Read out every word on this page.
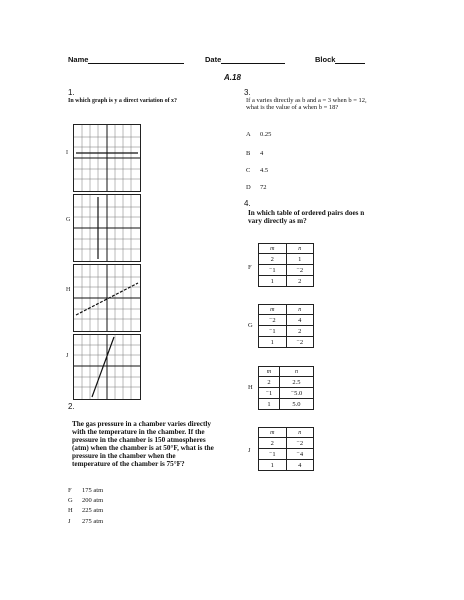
Name	Date	Block
A.18
1.
In which graph is y a direct variation of x?
I
G
H
J
2.
The gas pressure in a chamber varies directly with the temperature in the chamber. If the pressure in the chamber is 150 atmospheres (atm) when the chamber is at 50°F, what is the pressure in the chamber when the temperature of the chamber is 75°F?
F 175 atm
G 200 atm
H 225 atm
J 275 atm
3.
If a varies directly as b and a = 3 when b = 12, what is the value of a when b = 18?
A 0.25
B 4
C 4.5
D 72
4.
In which table of ordered pairs does n vary directly as m?
F
m	n
2	1
⁻1	⁻2
1	2
G
m	n
⁻2	4
⁻1	2
1	⁻2
H
m	n
2	2.5
⁻1	⁻5.0
1	5.0
J
m	n
2	⁻2
⁻1	⁻4
1	4
